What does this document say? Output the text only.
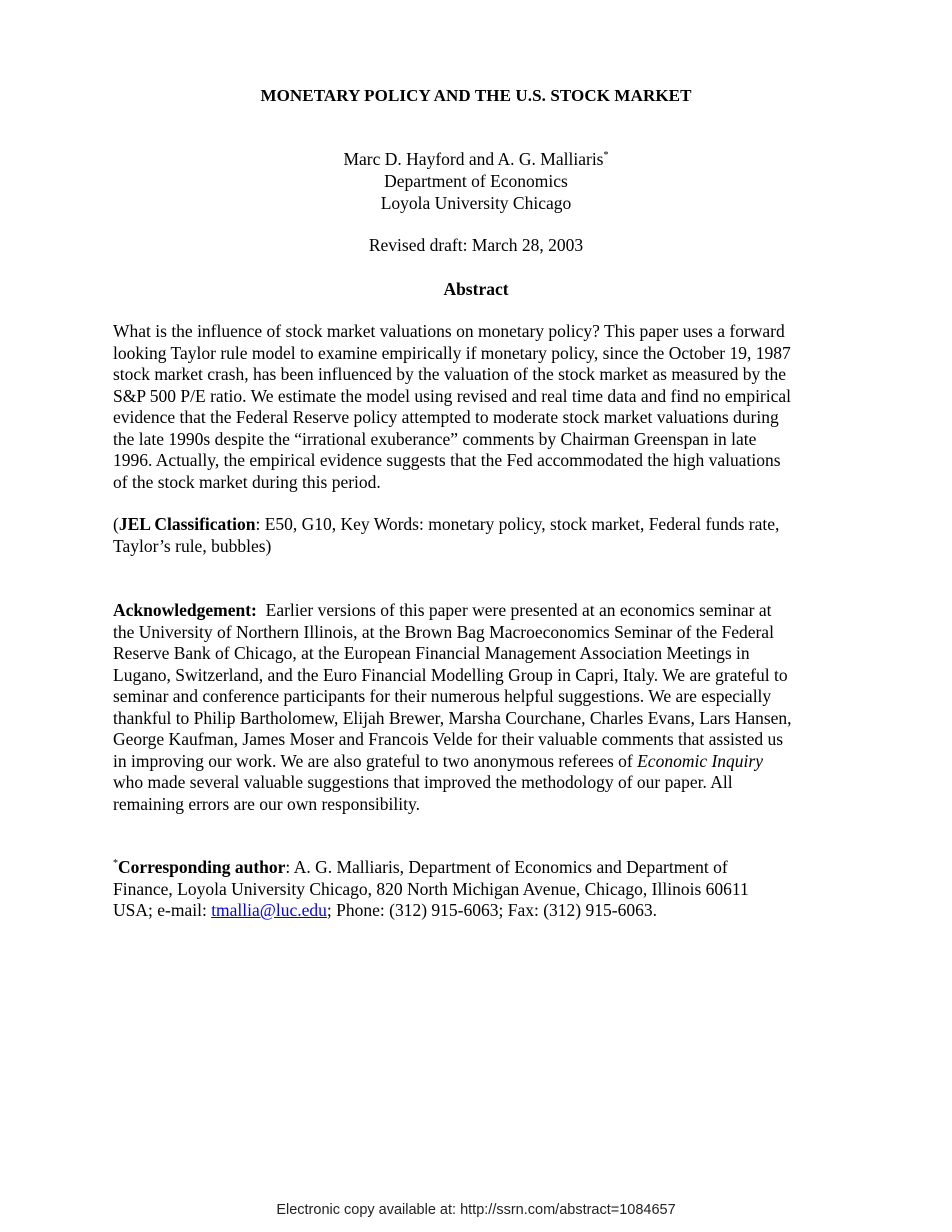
MONETARY POLICY AND THE U.S. STOCK MARKET
Marc D. Hayford and A. G. Malliaris*
Department of Economics
Loyola University Chicago
Revised draft: March 28, 2003
Abstract
What is the influence of stock market valuations on monetary policy? This paper uses a forward
looking Taylor rule model to examine empirically if monetary policy, since the October 19, 1987
stock market crash, has been influenced by the valuation of the stock market as measured by the
S&P 500 P/E ratio. We estimate the model using revised and real time data and find no empirical
evidence that the Federal Reserve policy attempted to moderate stock market valuations during
the late 1990s despite the “irrational exuberance” comments by Chairman Greenspan in late
1996. Actually, the empirical evidence suggests that the Fed accommodated the high valuations
of the stock market during this period.
(JEL Classification: E50, G10, Key Words: monetary policy, stock market, Federal funds rate,
Taylor’s rule, bubbles)
Acknowledgement:  Earlier versions of this paper were presented at an economics seminar at
the University of Northern Illinois, at the Brown Bag Macroeconomics Seminar of the Federal
Reserve Bank of Chicago, at the European Financial Management Association Meetings in
Lugano, Switzerland, and the Euro Financial Modelling Group in Capri, Italy. We are grateful to
seminar and conference participants for their numerous helpful suggestions. We are especially
thankful to Philip Bartholomew, Elijah Brewer, Marsha Courchane, Charles Evans, Lars Hansen,
George Kaufman, James Moser and Francois Velde for their valuable comments that assisted us
in improving our work. We are also grateful to two anonymous referees of Economic Inquiry
who made several valuable suggestions that improved the methodology of our paper. All
remaining errors are our own responsibility.
*Corresponding author: A. G. Malliaris, Department of Economics and Department of
Finance, Loyola University Chicago, 820 North Michigan Avenue, Chicago, Illinois 60611
USA; e-mail: tmallia@luc.edu; Phone: (312) 915-6063; Fax: (312) 915-6063.
Electronic copy available at: http://ssrn.com/abstract=1084657
